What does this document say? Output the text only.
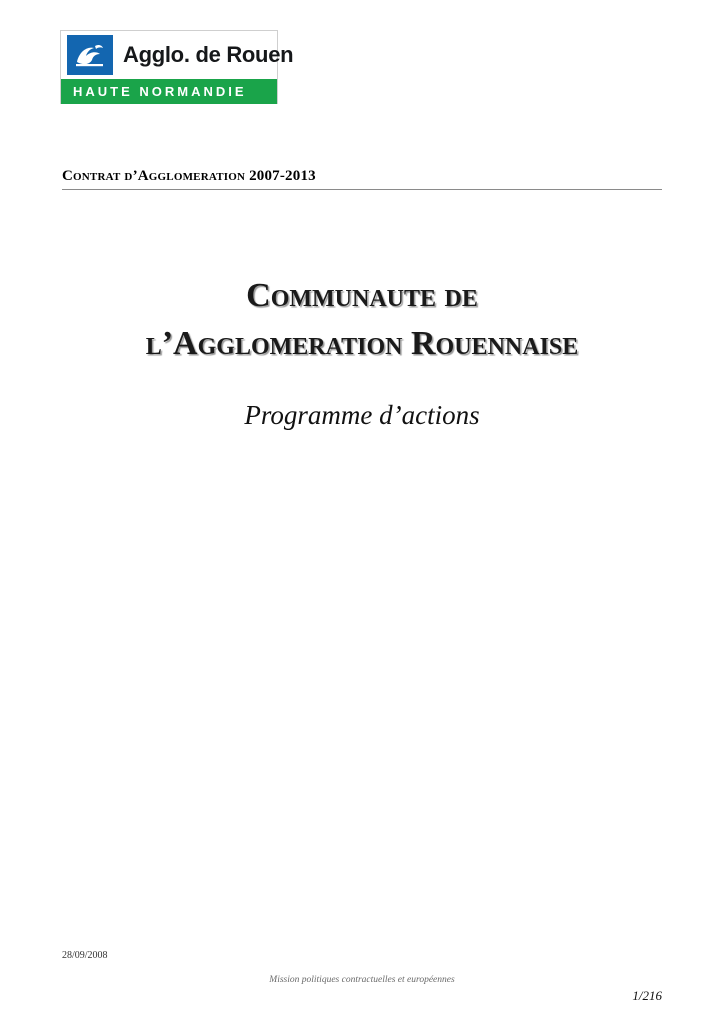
Agglo. de Rouen
HAUTE NORMANDIE
Contrat d’Agglomeration 2007-2013
Communaute de
l’Agglomeration Rouennaise
Programme d’actions
28/09/2008
Mission politiques contractuelles et européennes
1/216
